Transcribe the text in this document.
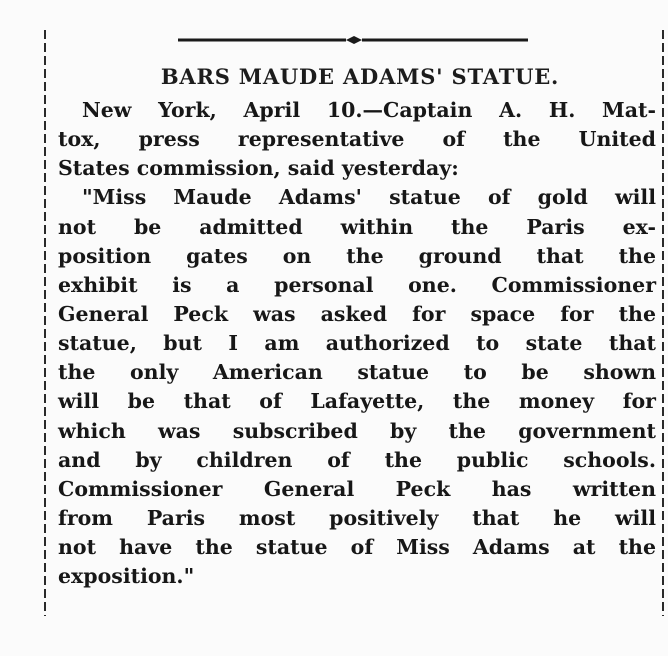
BARS MAUDE ADAMS' STATUE.
New York, April 10.—Captain A. H. Mat-
tox, press representative of the United
States commission, said yesterday:
"Miss Maude Adams' statue of gold will
not be admitted within the Paris ex-
position gates on the ground that the
exhibit is a personal one. Commissioner
General Peck was asked for space for the
statue, but I am authorized to state that
the only American statue to be shown
will be that of Lafayette, the money for
which was subscribed by the government
and by children of the public schools.
Commissioner General Peck has written
from Paris most positively that he will
not have the statue of Miss Adams at the
exposition."
